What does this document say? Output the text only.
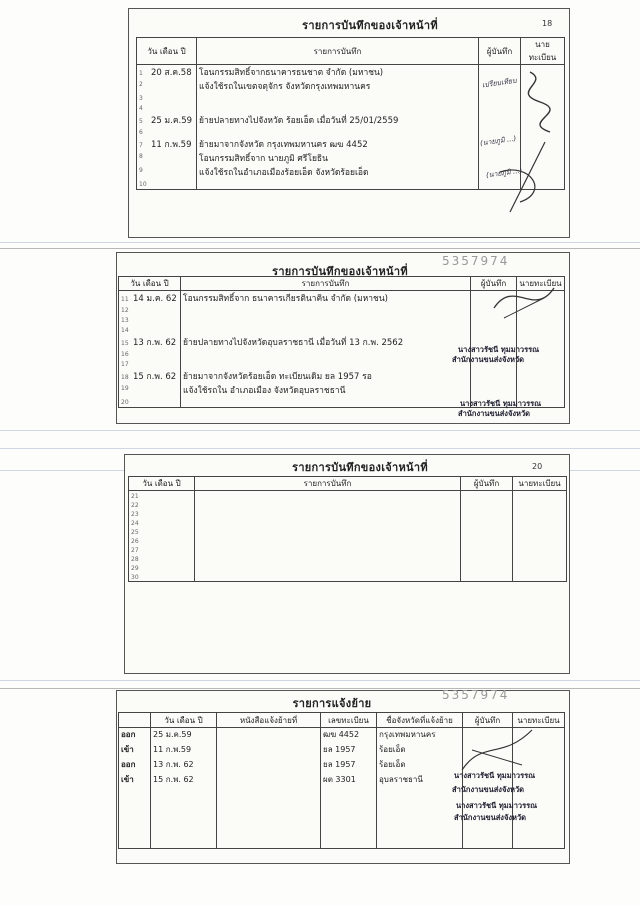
รายการบันทึกของเจ้าหน้าที่	18
วัน เดือน ปี	รายการบันทึก	ผู้บันทึก	นายทะเบียน
1 20 ส.ค.58	โอนกรรมสิทธิ์จากธนาคารธนชาต จำกัด (มหาชน)		
2	แจ้งใช้รถในเขตจตุจักร จังหวัดกรุงเทพมหานคร		
3			
4			
5 25 ม.ค.59	ย้ายปลายทางไปจังหวัด ร้อยเอ็ด เมื่อวันที่ 25/01/2559		
6			
7 11 ก.พ.59	ย้ายมาจากจังหวัด กรุงเทพมหานคร ฒฆ 4452		
8	โอนกรรมสิทธิ์จาก นายภูมิ ศรีโยธิน		
9	แจ้งใช้รถในอำเภอเมืองร้อยเอ็ด จังหวัดร้อยเอ็ด		
10			
เปรียบเทียบ
(นายภูมิ ...)
(นายภูมิ ...)
รายการบันทึกของเจ้าหน้าที่
5357974
วัน เดือน ปี	รายการบันทึก	ผู้บันทึก	นายทะเบียน
11 14 ม.ค. 62	โอนกรรมสิทธิ์จาก ธนาคารเกียรตินาคิน จำกัด (มหาชน)		
12			
13			
14			
15 13 ก.พ. 62	ย้ายปลายทางไปจังหวัดอุบลราชธานี เมื่อวันที่ 13 ก.พ. 2562		
16			
17			
18 15 ก.พ. 62	ย้ายมาจากจังหวัดร้อยเอ็ด ทะเบียนเดิม ยล 1957 รอ		
19	แจ้งใช้รถใน อำเภอเมือง จังหวัดอุบลราชธานี		
20			
นางสาวรัชนี ทุมมาวรรณ
สำนักงานขนส่งจังหวัด
นางสาวรัชนี ทุมมาวรรณ
สำนักงานขนส่งจังหวัด
รายการบันทึกของเจ้าหน้าที่	20
วัน เดือน ปี	รายการบันทึก	ผู้บันทึก	นายทะเบียน
21			
22			
23			
24			
25			
26			
27			
28			
29			
30			
รายการแจ้งย้าย
5357974
	วัน เดือน ปี	หนังสือแจ้งย้ายที่	เลขทะเบียน	ชื่อจังหวัดที่แจ้งย้าย	ผู้บันทึก	นายทะเบียน
ออก	25 ม.ค.59		ฒฆ 4452	กรุงเทพมหานคร		
เข้า	11 ก.พ.59		ยล 1957	ร้อยเอ็ด		
ออก	13 ก.พ. 62		ยล 1957	ร้อยเอ็ด		
เข้า	15 ก.พ. 62		ผต 3301	อุบลราชธานี		

							นางสาวรัชนี ทุมมาวรรณ
สำนักงานขนส่งจังหวัด
นางสาวรัชนี ทุมมาวรรณ
สำนักงานขนส่งจังหวัด
